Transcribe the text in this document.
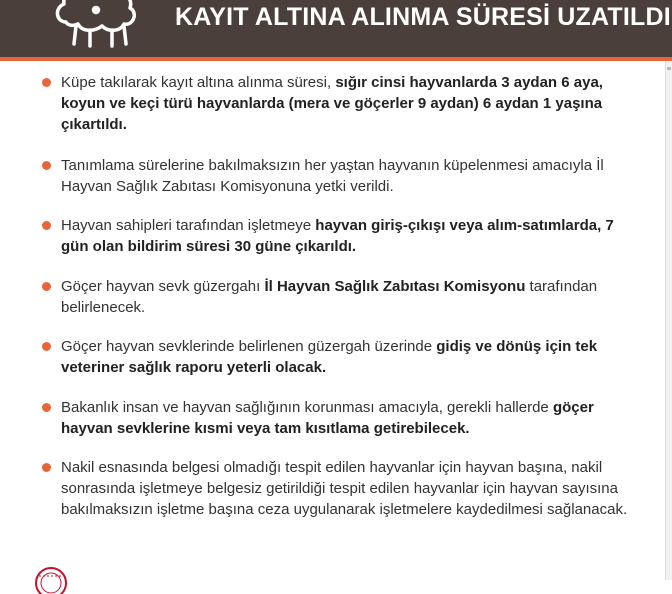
KAYIT ALTINA ALINMA SÜRESİ UZATILDI
Küpe takılarak kayıt altına alınma süresi, sığır cinsi hayvanlarda 3 aydan 6 aya, koyun ve keçi türü hayvanlarda (mera ve göçerler 9 aydan) 6 aydan 1 yaşına çıkartıldı.
Tanımlama sürelerine bakılmaksızın her yaştan hayvanın küpelenmesi amacıyla İl Hayvan Sağlık Zabıtası Komisyonuna yetki verildi.
Hayvan sahipleri tarafından işletmeye hayvan giriş-çıkışı veya alım-satımlarda, 7 gün olan bildirim süresi 30 güne çıkarıldı.
Göçer hayvan sevk güzergahı İl Hayvan Sağlık Zabıtası Komisyonu tarafından belirlenecek.
Göçer hayvan sevklerinde belirlenen güzergah üzerinde gidiş ve dönüş için tek veteriner sağlık raporu yeterli olacak.
Bakanlık insan ve hayvan sağlığının korunması amacıyla, gerekli hallerde göçer hayvan sevklerine kısmi veya tam kısıtlama getirebilecek.
Nakil esnasında belgesi olmadığı tespit edilen hayvanlar için hayvan başına, nakil sonrasında işletmeye belgesiz getirildiği tespit edilen hayvanlar için hayvan sayısına bakılmaksızın işletme başına ceza uygulanarak işletmelere kaydedilmesi sağlanacak.
